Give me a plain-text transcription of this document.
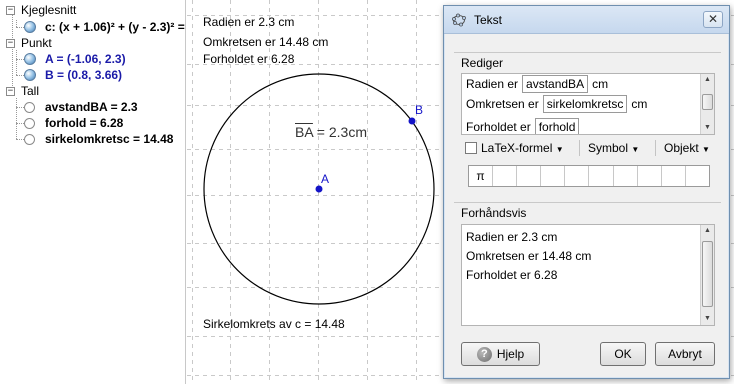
− Kjeglesnitt
c: (x + 1.06)² + (y - 2.3)² =
− Punkt
A = (-1.06, 2.3)
B = (0.8, 3.66)
− Tall
avstandBA = 2.3
forhold = 6.28
sirkelomkretsc = 14.48
Radien er 2.3 cm
Omkretsen er 14.48 cm
Forholdet er 6.28
$\overline{BA} = 2.3cm$
A
B
Sirkelomkrets av c = 14.48
Tekst	✕
Rediger
Radien er avstandBA cm
Omkretsen er sirkelomkretsc cm
Forholdet er forhold
▲
▼
LaTeX-formel ▼ Symbol ▼ Objekt ▼
π
Forhåndsvis
Radien er 2.3 cm
Omkretsen er 14.48 cm
Forholdet er 6.28
▲
▼
? Hjelp	OK	Avbryt
